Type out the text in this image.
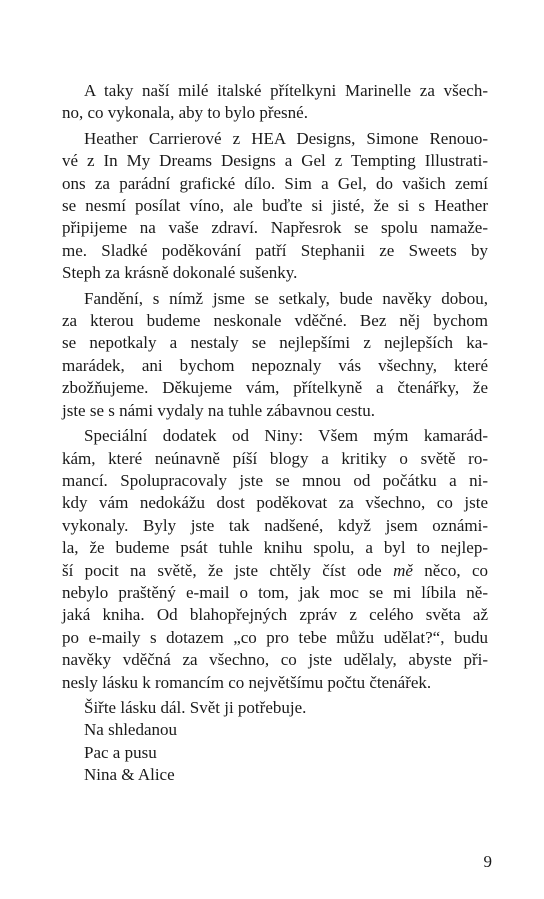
A taky naší milé italské přítelkyni Marinelle za všech-
no, co vykonala, aby to bylo přesné.
Heather Carrierové z HEA Designs, Simone Renouo-
vé z In My Dreams Designs a Gel z Tempting Illustrati-
ons za parádní grafické dílo. Sim a Gel, do vašich zemí
se nesmí posílat víno, ale buďte si jisté, že si s Heather
připijeme na vaše zdraví. Napřesrok se spolu namaže-
me. Sladké poděkování patří Stephanii ze Sweets by
Steph za krásně dokonalé sušenky.
Fandění, s nímž jsme se setkaly, bude navěky dobou,
za kterou budeme neskonale vděčné. Bez něj bychom
se nepotkaly a nestaly se nejlepšími z nejlepších ka-
marádek, ani bychom nepoznaly vás všechny, které
zbožňujeme. Děkujeme vám, přítelkyně a čtenářky, že
jste se s námi vydaly na tuhle zábavnou cestu.
Speciální dodatek od Niny: Všem mým kamarád-
kám, které neúnavně píší blogy a kritiky o světě ro-
mancí. Spolupracovaly jste se mnou od počátku a ni-
kdy vám nedokážu dost poděkovat za všechno, co jste
vykonaly. Byly jste tak nadšené, když jsem oznámi-
la, že budeme psát tuhle knihu spolu, a byl to nejlep-
ší pocit na světě, že jste chtěly číst ode mě něco, co
nebylo praštěný e-mail o tom, jak moc se mi líbila ně-
jaká kniha. Od blahopřejných zpráv z celého světa až
po e-maily s dotazem „co pro tebe můžu udělat?“, budu
navěky vděčná za všechno, co jste udělaly, abyste při-
nesly lásku k romancím co největšímu počtu čtenářek.
Šiřte lásku dál. Svět ji potřebuje.
Na shledanou
Pac a pusu
Nina & Alice
9
